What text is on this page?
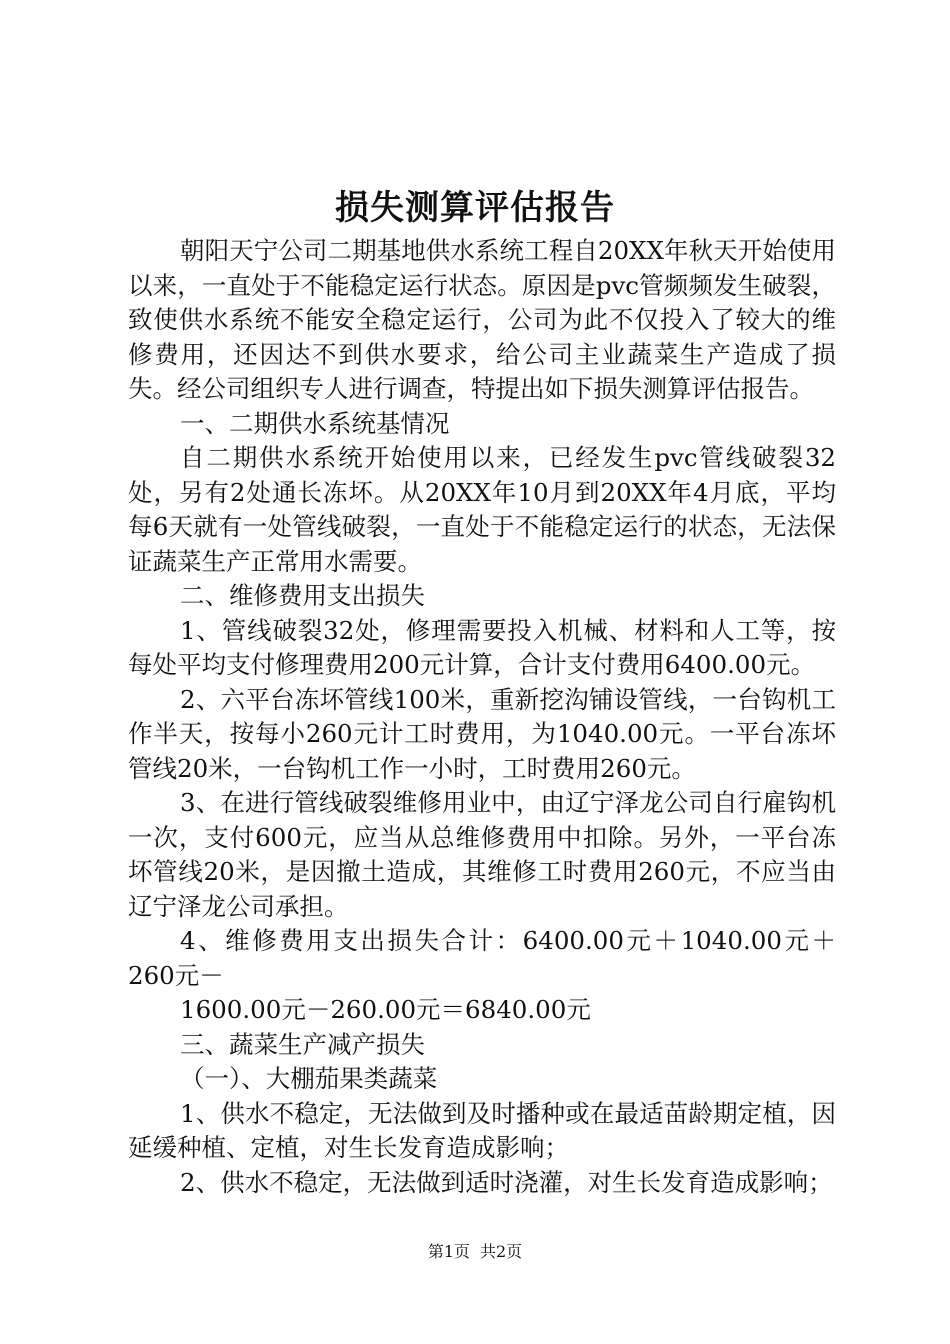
损失测算评估报告

朝阳天宁公司二期基地供水系统工程自20XX年秋天开始使用以来，一直处于不能稳定运行状态。原因是pvc管频频发生破裂，致使供水系统不能安全稳定运行，公司为此不仅投入了较大的维修费用，还因达不到供水要求，给公司主业蔬菜生产造成了损失。经公司组织专人进行调查，特提出如下损失测算评估报告。

一、二期供水系统基情况

自二期供水系统开始使用以来，已经发生pvc管线破裂32处，另有2处通长冻坏。从20XX年10月到20XX年4月底，平均每6天就有一处管线破裂，一直处于不能稳定运行的状态，无法保证蔬菜生产正常用水需要。

二、维修费用支出损失

1、管线破裂32处，修理需要投入机械、材料和人工等，按每处平均支付修理费用200元计算，合计支付费用6400.00元。

2、六平台冻坏管线100米，重新挖沟铺设管线，一台钩机工作半天，按每小260元计工时费用，为1040.00元。一平台冻坏管线20米，一台钩机工作一小时，工时费用260元。

3、在进行管线破裂维修用业中，由辽宁泽龙公司自行雇钩机一次，支付600元，应当从总维修费用中扣除。另外，一平台冻坏管线20米，是因撤土造成，其维修工时费用260元，不应当由辽宁泽龙公司承担。

4、维修费用支出损失合计：6400.00元＋1040.00元＋260元－

1600.00元－260.00元＝6840.00元

三、蔬菜生产减产损失

（一）、大棚茄果类蔬菜

1、供水不稳定，无法做到及时播种或在最适苗龄期定植，因延缓种植、定植，对生长发育造成影响；

2、供水不稳定，无法做到适时浇灌，对生长发育造成影响；

第1页 共2页
